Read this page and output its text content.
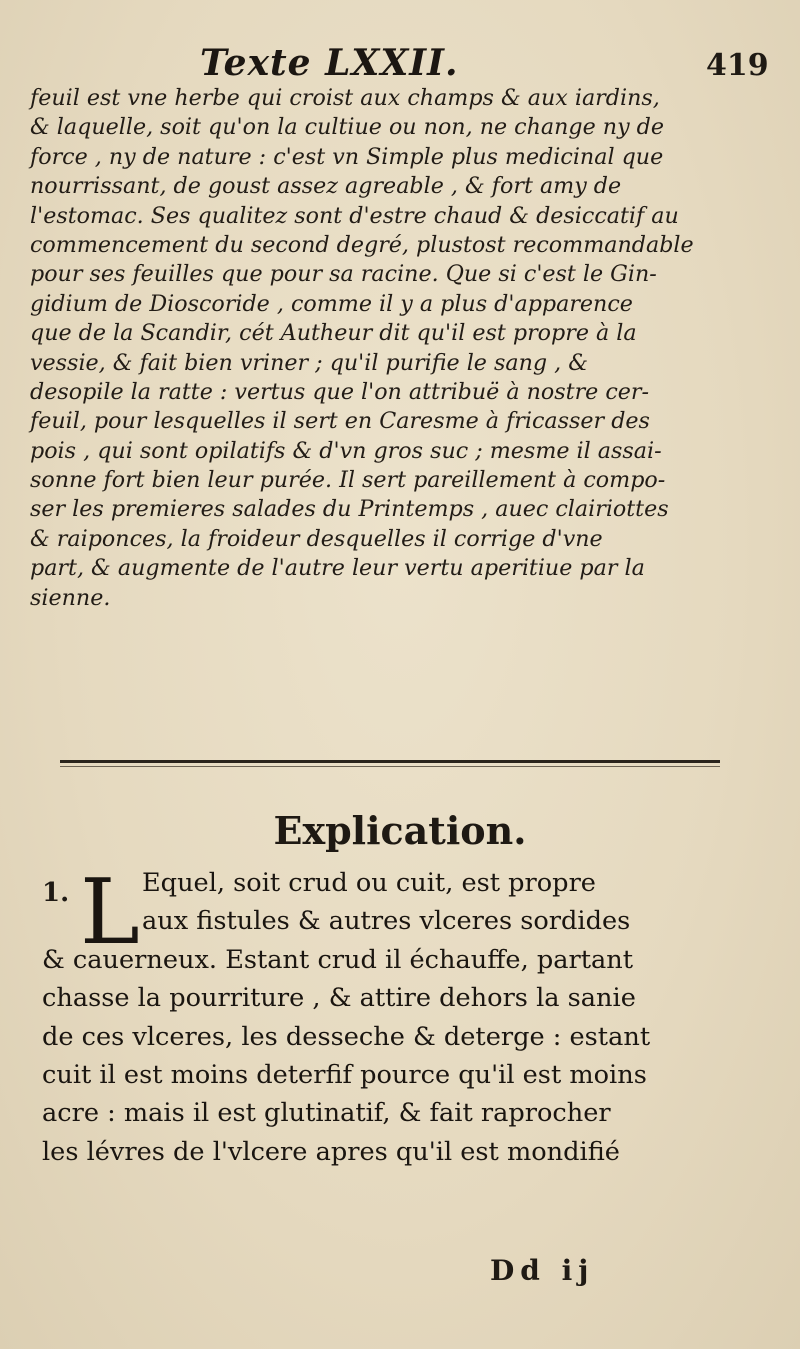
Texte LXXII.	419
feuil est vne herbe qui croist aux champs & aux iardins,
& laquelle, soit qu'on la cultiue ou non, ne change ny de
force , ny de nature : c'est vn Simple plus medicinal que
nourrissant, de goust assez agreable , & fort amy de
l'estomac. Ses qualitez sont d'estre chaud & desiccatif au
commencement du second degré, plustost recommandable
pour ses feuilles que pour sa racine. Que si c'est le Gin-
gidium de Dioscoride , comme il y a plus d'apparence
que de la Scandir, cét Autheur dit qu'il est propre à la
vessie, & fait bien vriner ; qu'il purifie le sang , &
desopile la ratte : vertus que l'on attribuë à nostre cer-
feuil, pour lesquelles il sert en Caresme à fricasser des
pois , qui sont opilatifs & d'vn gros suc ; mesme il assai-
sonne fort bien leur purée. Il sert pareillement à compo-
ser les premieres salades du Printemps , auec clairiottes
& raiponces, la froideur desquelles il corrige d'vne
part, & augmente de l'autre leur vertu aperitiue par la
sienne.
Explication.
1. L Equel, soit crud ou cuit, est propre
aux fistules & autres vlceres sordides
& cauerneux. Estant crud il échauffe, partant
chasse la pourriture , & attire dehors la sanie
de ces vlceres, les desseche & deterge : estant
cuit il est moins deterfif pource qu'il est moins
acre : mais il est glutinatif, & fait raprocher
les lévres de l'vlcere apres qu'il est mondifié
Dd ij
